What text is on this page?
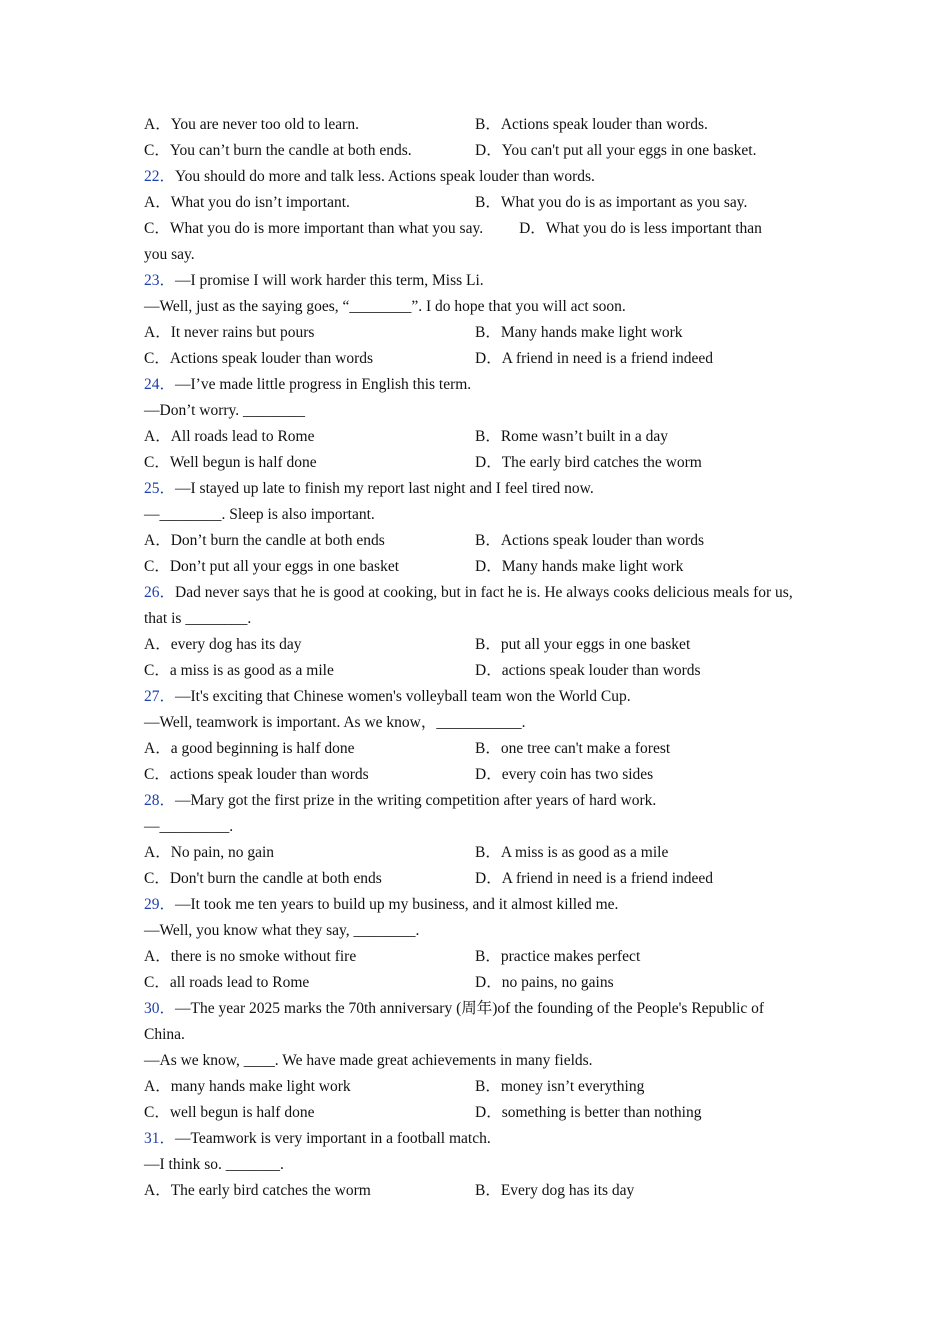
A．You are never too old to learn.	B．Actions speak louder than words.
C．You can’t burn the candle at both ends.	D．You can't put all your eggs in one basket.
22．You should do more and talk less. Actions speak louder than words.
A．What you do isn’t important.	B．What you do is as important as you say.
C．What you do is more important than what you say. D．What you do is less important than you say.
23．—I promise I will work harder this term, Miss Li.
—Well, just as the saying goes, “________”. I do hope that you will act soon.
A．It never rains but pours	B．Many hands make light work
C．Actions speak louder than words	D．A friend in need is a friend indeed
24．—I’ve made little progress in English this term.
—Don’t worry. ________
A．All roads lead to Rome	B．Rome wasn’t built in a day
C．Well begun is half done	D．The early bird catches the worm
25．—I stayed up late to finish my report last night and I feel tired now.
—________. Sleep is also important.
A．Don’t burn the candle at both ends	B．Actions speak louder than words
C．Don’t put all your eggs in one basket	D．Many hands make light work
26．Dad never says that he is good at cooking, but in fact he is. He always cooks delicious meals for us, that is ________.
A．every dog has its day	B．put all your eggs in one basket
C．a miss is as good as a mile	D．actions speak louder than words
27．—It's exciting that Chinese women's volleyball team won the World Cup.
—Well, teamwork is important. As we know，___________.
A．a good beginning is half done	B．one tree can't make a forest
C．actions speak louder than words	D．every coin has two sides
28．—Mary got the first prize in the writing competition after years of hard work.
—_________.
A．No pain, no gain	B．A miss is as good as a mile
C．Don't burn the candle at both ends	D．A friend in need is a friend indeed
29．—It took me ten years to build up my business, and it almost killed me.
—Well, you know what they say, ________.
A．there is no smoke without fire	B．practice makes perfect
C．all roads lead to Rome	D．no pains, no gains
30．—The year 2025 marks the 70th anniversary (周年)of the founding of the People's Republic of China.
—As we know, ____. We have made great achievements in many fields.
A．many hands make light work	B．money isn’t everything
C．well begun is half done	D．something is better than nothing
31．—Teamwork is very important in a football match.
—I think so. _______.
A．The early bird catches the worm	B．Every dog has its day
